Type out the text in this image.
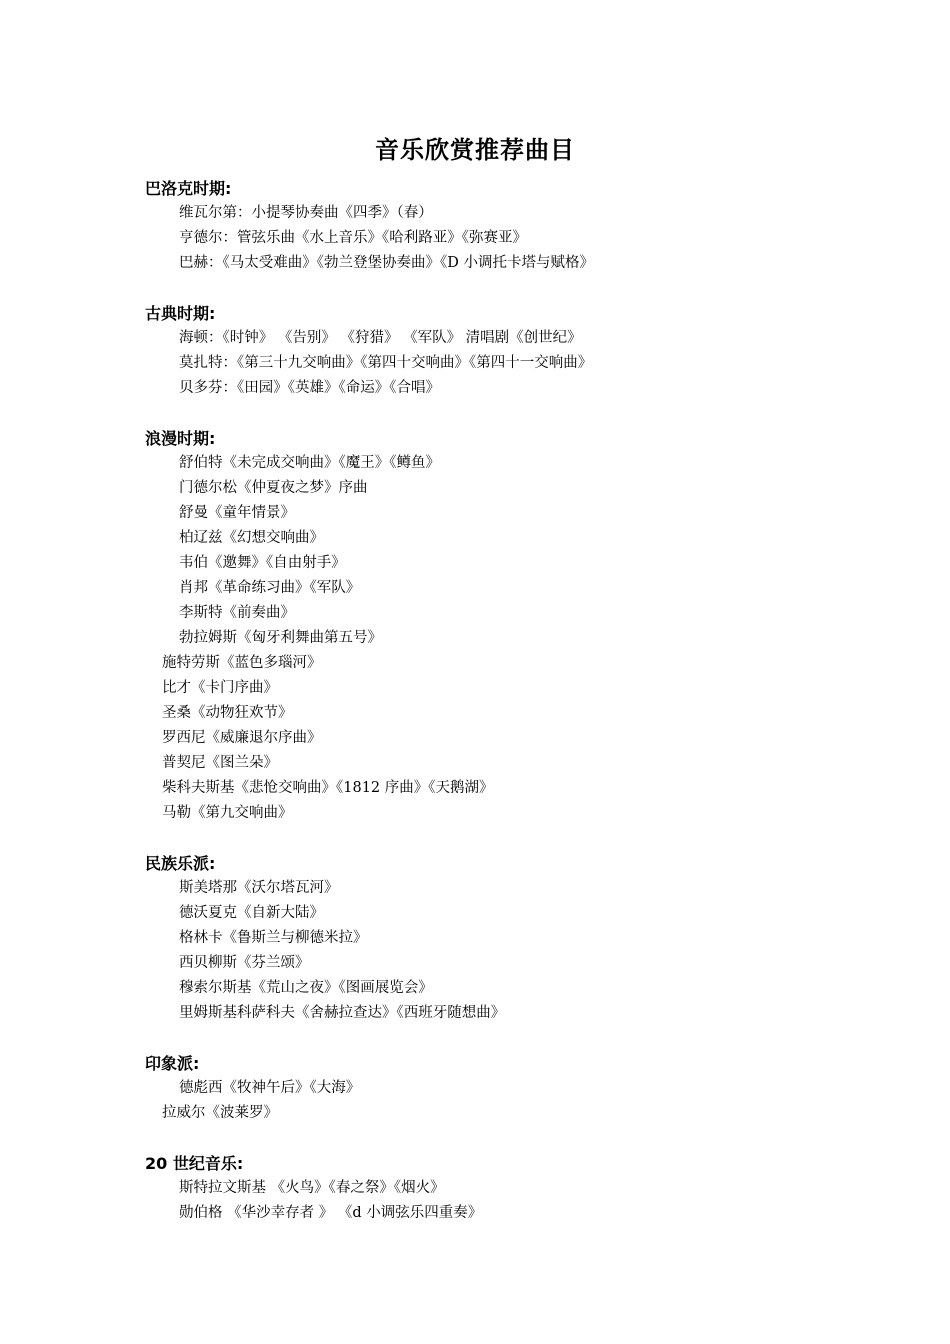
音乐欣赏推荐曲目
巴洛克时期:
维瓦尔第：小提琴协奏曲《四季》（春）
亨德尔：管弦乐曲《水上音乐》《哈利路亚》《弥赛亚》
巴赫：《马太受难曲》《勃兰登堡协奏曲》《D 小调托卡塔与赋格》
古典时期:
海顿：《时钟》 《告别》 《狩猎》 《军队》 清唱剧《创世纪》
莫扎特：《第三十九交响曲》《第四十交响曲》《第四十一交响曲》
贝多芬：《田园》《英雄》《命运》《合唱》
浪漫时期:
舒伯特《未完成交响曲》《魔王》《鳟鱼》
门德尔松《仲夏夜之梦》序曲
舒曼《童年情景》
柏辽兹《幻想交响曲》
韦伯《邀舞》《自由射手》
肖邦《革命练习曲》《军队》
李斯特《前奏曲》
勃拉姆斯《匈牙利舞曲第五号》
施特劳斯《蓝色多瑙河》
比才《卡门序曲》
圣桑《动物狂欢节》
罗西尼《威廉退尔序曲》
普契尼《图兰朵》
柴科夫斯基《悲怆交响曲》《1812 序曲》《天鹅湖》
马勒《第九交响曲》
民族乐派:
斯美塔那《沃尔塔瓦河》
德沃夏克《自新大陆》
格林卡《鲁斯兰与柳德米拉》
西贝柳斯《芬兰颂》
穆索尔斯基《荒山之夜》《图画展览会》
里姆斯基科萨科夫《舍赫拉查达》《西班牙随想曲》
印象派:
德彪西《牧神午后》《大海》
拉威尔《波莱罗》
20 世纪音乐:
斯特拉文斯基 《火鸟》《春之祭》《烟火》
勋伯格 《华沙幸存者 》 《d 小调弦乐四重奏》
